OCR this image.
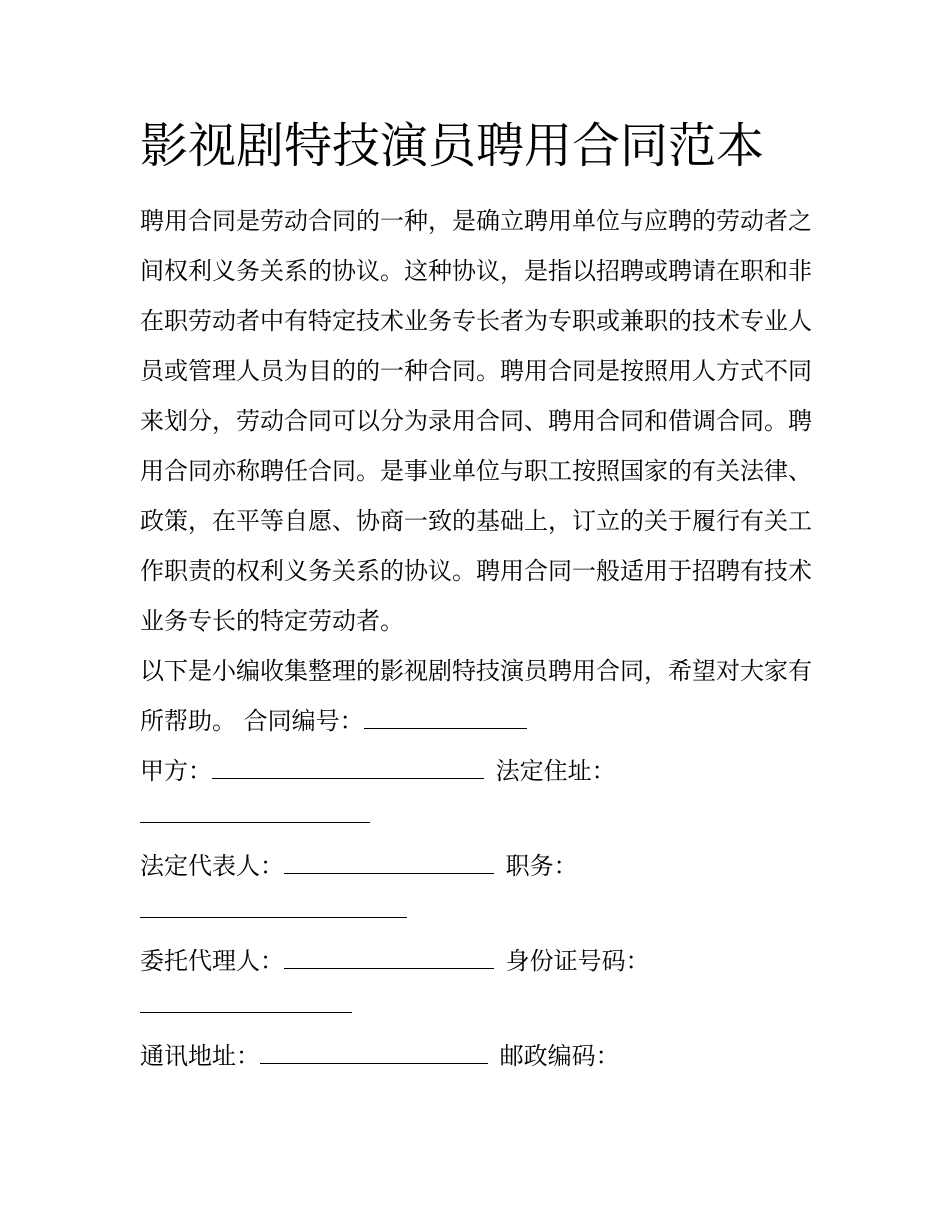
影视剧特技演员聘用合同范本

聘用合同是劳动合同的一种，是确立聘用单位与应聘的劳动者之间权利义务关系的协议。这种协议，是指以招聘或聘请在职和非在职劳动者中有特定技术业务专长者为专职或兼职的技术专业人员或管理人员为目的的一种合同。聘用合同是按照用人方式不同来划分，劳动合同可以分为录用合同、聘用合同和借调合同。聘用合同亦称聘任合同。是事业单位与职工按照国家的有关法律、政策，在平等自愿、协商一致的基础上，订立的关于履行有关工作职责的权利义务关系的协议。聘用合同一般适用于招聘有技术业务专长的特定劳动者。

以下是小编收集整理的影视剧特技演员聘用合同，希望对大家有所帮助。 合同编号：

甲方：	法定住址：

法定代表人：	职务：

委托代理人：	身份证号码：

通讯地址：	邮政编码：
